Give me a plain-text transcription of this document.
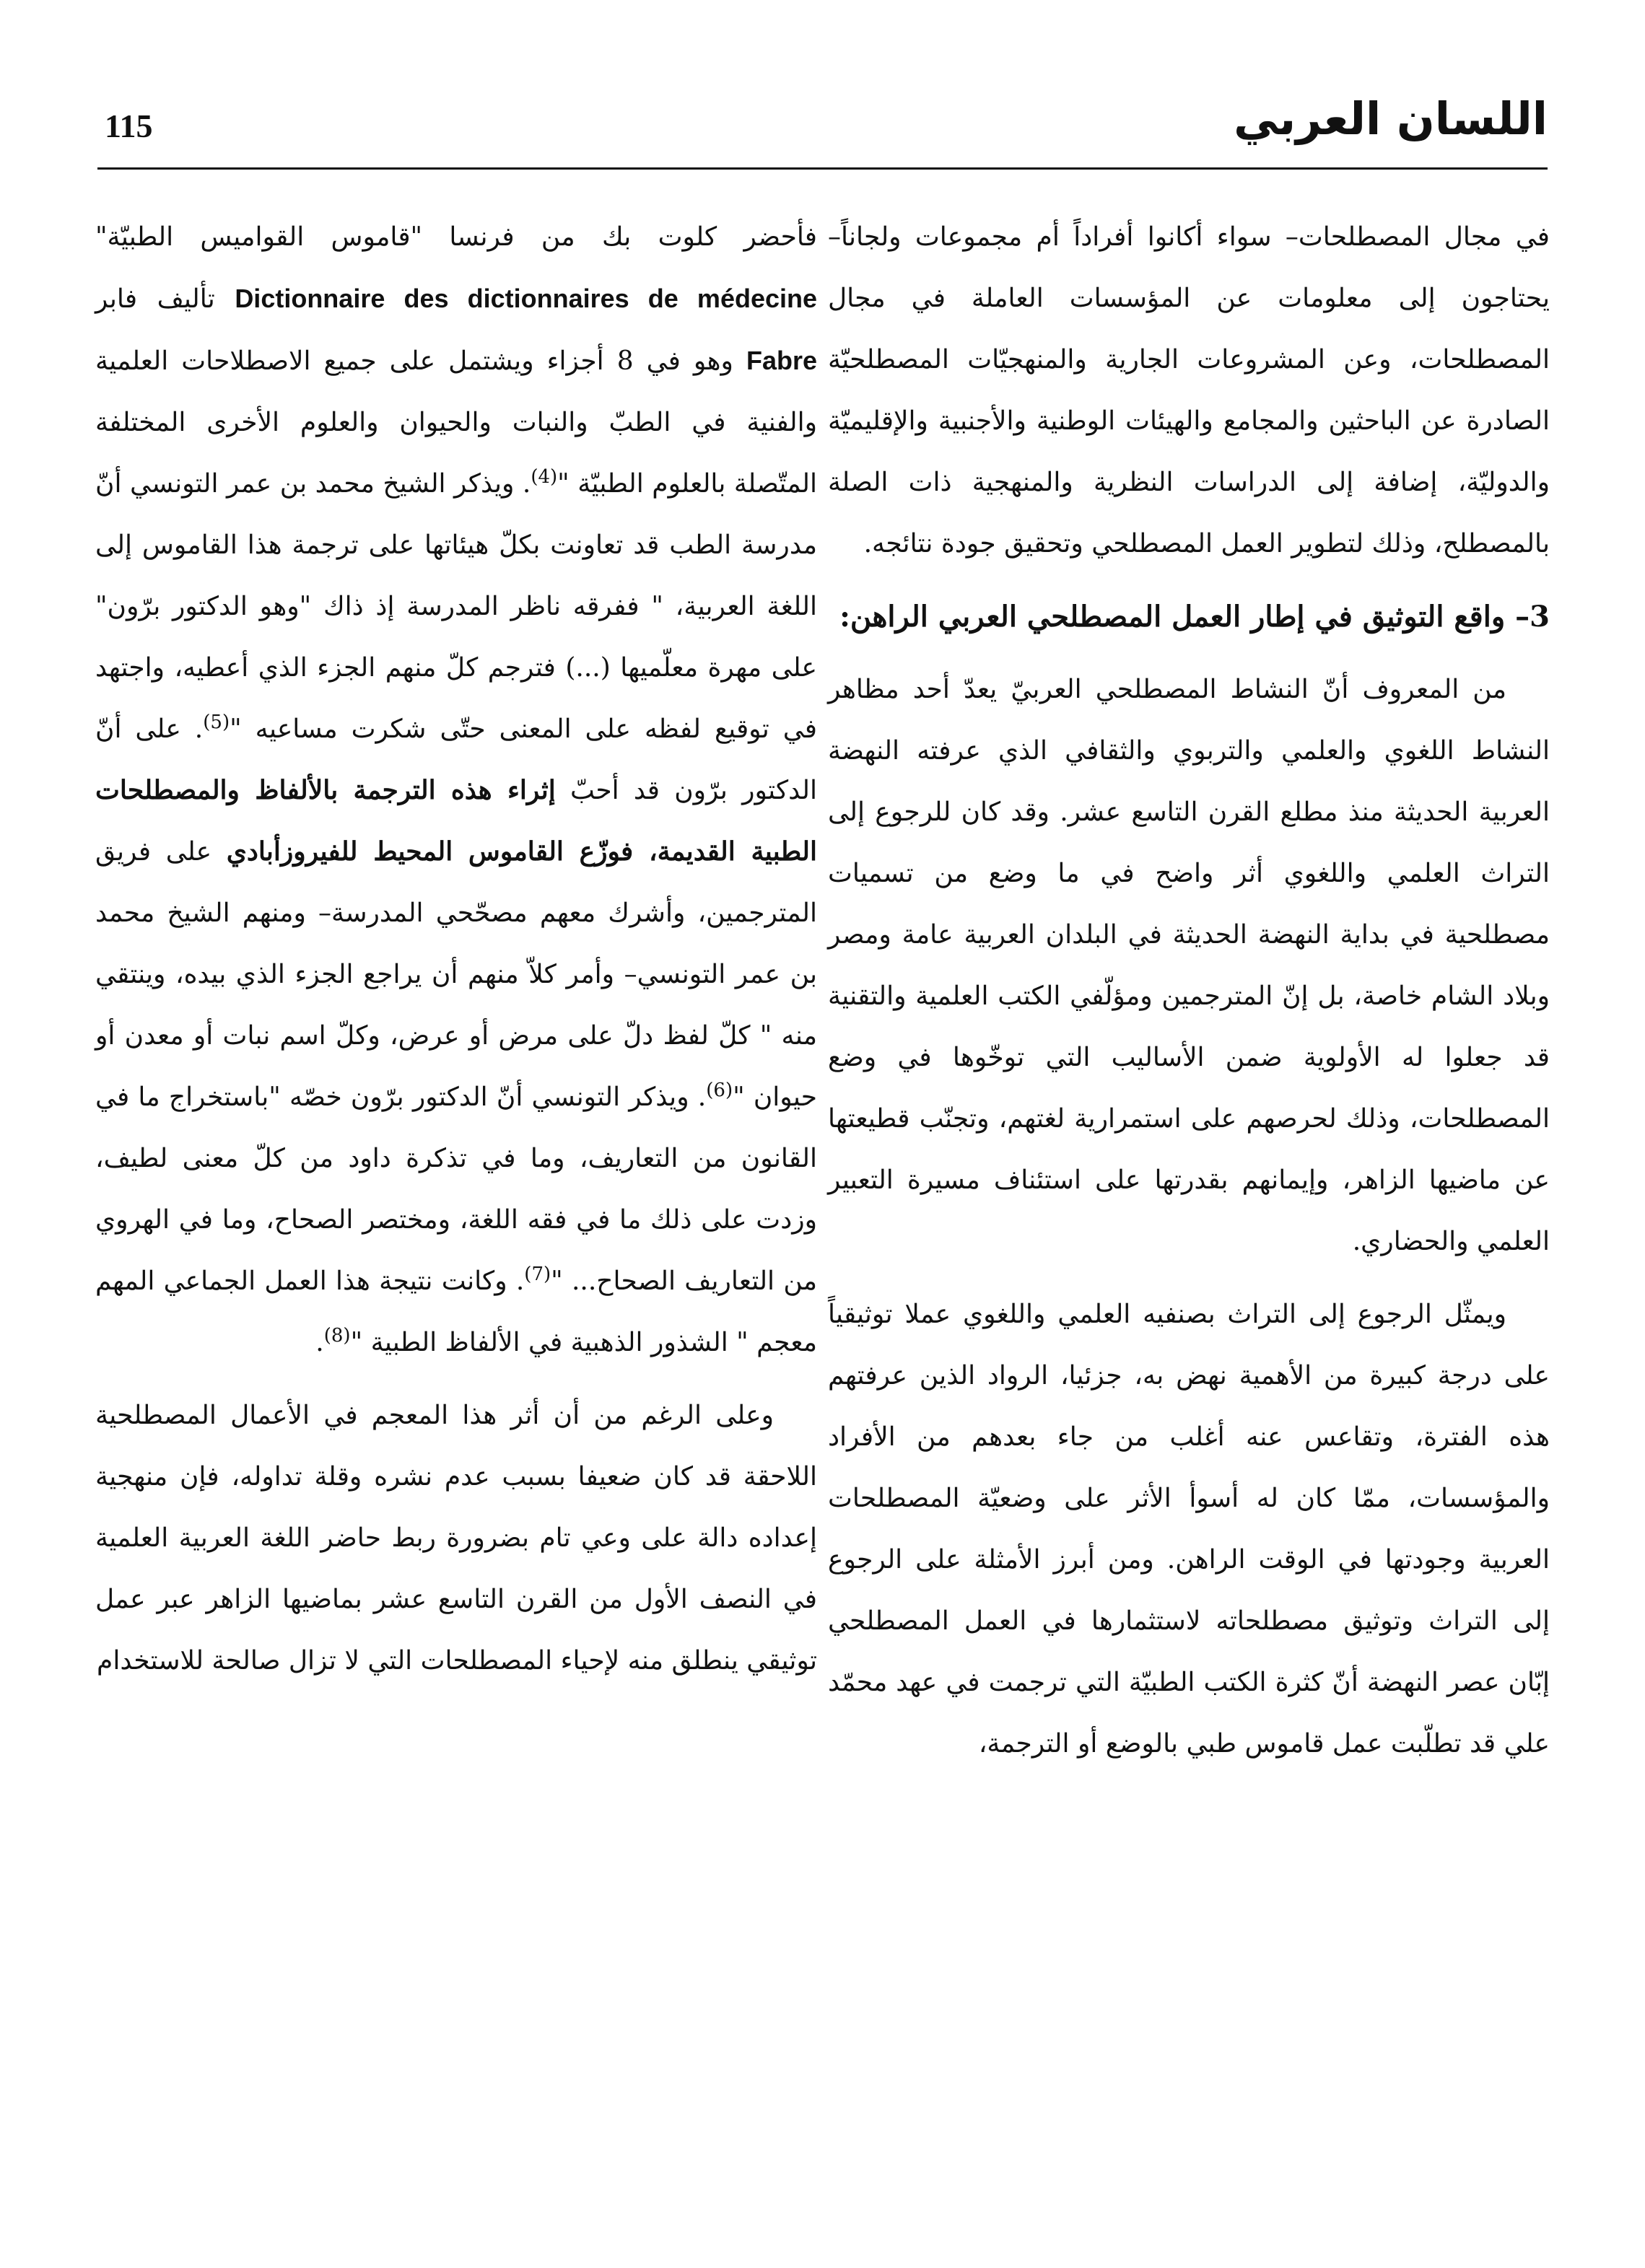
115	اللسان العربي

في مجال المصطلحات– سواء أكانوا أفراداً أم مجموعات ولجاناً– يحتاجون إلى معلومات عن المؤسسات العاملة في مجال المصطلحات، وعن المشروعات الجارية والمنهجيّات المصطلحيّة الصادرة عن الباحثين والمجامع والهيئات الوطنية والأجنبية والإقليميّة والدوليّة، إضافة إلى الدراسات النظرية والمنهجية ذات الصلة بالمصطلح، وذلك لتطوير العمل المصطلحي وتحقيق جودة نتائجه.

3– واقع التوثيق في إطار العمل المصطلحي العربي الراهن:

من المعروف أنّ النشاط المصطلحي العربيّ يعدّ أحد مظاهر النشاط اللغوي والعلمي والتربوي والثقافي الذي عرفته النهضة العربية الحديثة منذ مطلع القرن التاسع عشر. وقد كان للرجوع إلى التراث العلمي واللغوي أثر واضح في ما وضع من تسميات مصطلحية في بداية النهضة الحديثة في البلدان العربية عامة ومصر وبلاد الشام خاصة، بل إنّ المترجمين ومؤلّفي الكتب العلمية والتقنية قد جعلوا له الأولوية ضمن الأساليب التي توخّوها في وضع المصطلحات، وذلك لحرصهم على استمرارية لغتهم، وتجنّب قطيعتها عن ماضيها الزاهر، وإيمانهم بقدرتها على استئناف مسيرة التعبير العلمي والحضاري.

ويمثّل الرجوع إلى التراث بصنفيه العلمي واللغوي عملا توثيقياً على درجة كبيرة من الأهمية نهض به، جزئيا، الرواد الذين عرفتهم هذه الفترة، وتقاعس عنه أغلب من جاء بعدهم من الأفراد والمؤسسات، ممّا كان له أسوأ الأثر على وضعيّة المصطلحات العربية وجودتها في الوقت الراهن. ومن أبرز الأمثلة على الرجوع إلى التراث وتوثيق مصطلحاته لاستثمارها في العمل المصطلحي إبّان عصر النهضة أنّ كثرة الكتب الطبيّة التي ترجمت في عهد محمّد علي قد تطلّبت عمل قاموس طبي بالوضع أو الترجمة،

فأحضر كلوت بك من فرنسا "قاموس القواميس الطبيّة" Dictionnaire des dictionnaires de médecine تأليف فابر Fabre وهو في 8 أجزاء ويشتمل على جميع الاصطلاحات العلمية والفنية في الطبّ والنبات والحيوان والعلوم الأخرى المختلفة المتّصلة بالعلوم الطبيّة "$^{(4)}$. ويذكر الشيخ محمد بن عمر التونسي أنّ مدرسة الطب قد تعاونت بكلّ هيئاتها على ترجمة هذا القاموس إلى اللغة العربية، " ففرقه ناظر المدرسة إذ ذاك "وهو الدكتور برّون" على مهرة معلّميها (...) فترجم كلّ منهم الجزء الذي أعطيه، واجتهد في توقيع لفظه على المعنى حتّى شكرت مساعيه "$^{(5)}$. على أنّ الدكتور برّون قد أحبّ إثراء هذه الترجمة بالألفاظ والمصطلحات الطبية القديمة، فوزّع القاموس المحيط للفيروزأبادي على فريق المترجمين، وأشرك معهم مصحّحي المدرسة– ومنهم الشيخ محمد بن عمر التونسي– وأمر كلاّ منهم أن يراجع الجزء الذي بيده، وينتقي منه " كلّ لفظ دلّ على مرض أو عرض، وكلّ اسم نبات أو معدن أو حيوان "$^{(6)}$. ويذكر التونسي أنّ الدكتور برّون خصّه "باستخراج ما في القانون من التعاريف، وما في تذكرة داود من كلّ معنى لطيف، وزدت على ذلك ما في فقه اللغة، ومختصر الصحاح، وما في الهروي من التعاريف الصحاح... "$^{(7)}$. وكانت نتيجة هذا العمل الجماعي المهم معجم " الشذور الذهبية في الألفاظ الطبية "$^{(8)}$.

وعلى الرغم من أن أثر هذا المعجم في الأعمال المصطلحية اللاحقة قد كان ضعيفا بسبب عدم نشره وقلة تداوله، فإن منهجية إعداده دالة على وعي تام بضرورة ربط حاضر اللغة العربية العلمية في النصف الأول من القرن التاسع عشر بماضيها الزاهر عبر عمل توثيقي ينطلق منه لإحياء المصطلحات التي لا تزال صالحة للاستخدام
